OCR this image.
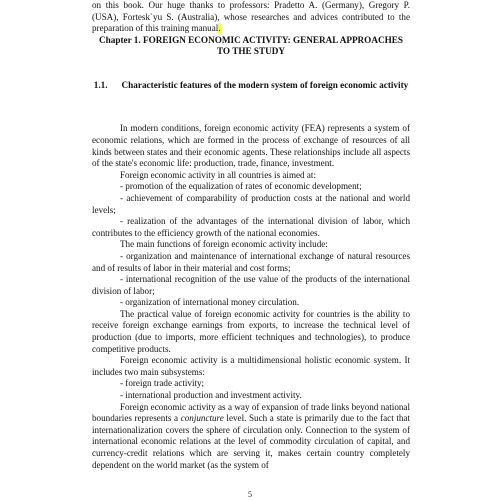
on this book. Our huge thanks to professors: Pradetto A. (Germany), Gregory P. (USA), Fortesk`yu S. (Australia), whose researches and advices contributed to the preparation of this training manual.

Chapter 1. FOREIGN ECONOMIC ACTIVITY: GENERAL APPROACHES TO THE STUDY

1.1. Characteristic features of the modern system of foreign economic activity

In modern conditions, foreign economic activity (FEA) represents a system of economic relations, which are formed in the process of exchange of resources of all kinds between states and their economic agents. These relationships include all aspects of the state's economic life: production, trade, finance, investment.

Foreign economic activity in all countries is aimed at:

- promotion of the equalization of rates of economic development;

- achievement of comparability of production costs at the national and world levels;

- realization of the advantages of the international division of labor, which contributes to the efficiency growth of the national economies.

The main functions of foreign economic activity include:

- organization and maintenance of international exchange of natural resources and of results of labor in their material and cost forms;

- international recognition of the use value of the products of the international division of labor;

- organization of international money circulation.

The practical value of foreign economic activity for countries is the ability to receive foreign exchange earnings from exports, to increase the technical level of production (due to imports, more efficient techniques and technologies), to produce competitive products.

Foreign economic activity is a multidimensional holistic economic system. It includes two main subsystems:

- foreign trade activity;

- international production and investment activity.

Foreign economic activity as a way of expansion of trade links beyond national boundaries represents a conjuncture level. Such a state is primarily due to the fact that internationalization covers the sphere of circulation only. Connection to the system of international economic relations at the level of commodity circulation of capital, and currency-credit relations which are serving it, makes certain country completely dependent on the world market (as the system of

5
